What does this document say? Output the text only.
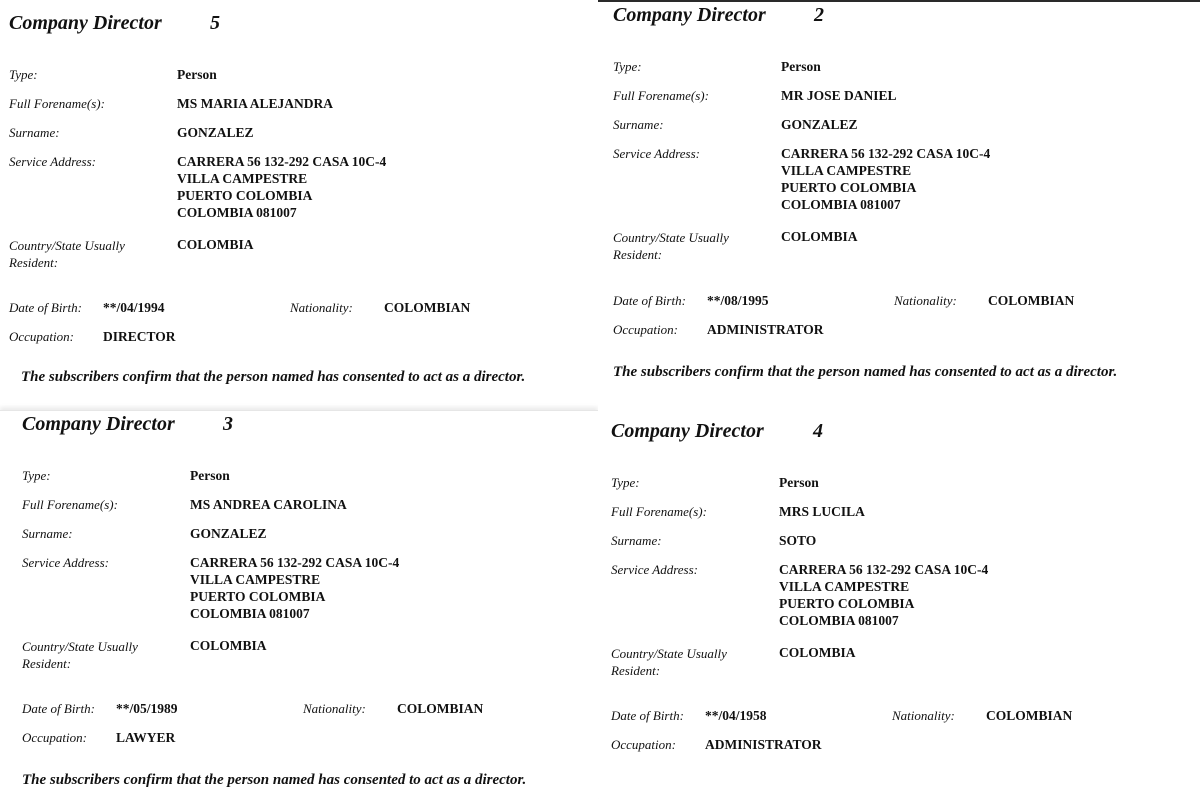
Company Director 5
Type:	Person
Full Forename(s):	MS MARIA ALEJANDRA
Surname:	GONZALEZ
Service Address:	CARRERA 56 132-292 CASA 10C-4
VILLA CAMPESTRE
PUERTO COLOMBIA
COLOMBIA 081007
Country/State Usually
Resident:
COLOMBIA
Date of Birth: **/04/1994	Nationality: COLOMBIAN
Occupation: DIRECTOR
The subscribers confirm that the person named has consented to act as a director.
Company Director 2
Type:	Person
Full Forename(s):	MR JOSE DANIEL
Surname:	GONZALEZ
Service Address:	CARRERA 56 132-292 CASA 10C-4
VILLA CAMPESTRE
PUERTO COLOMBIA
COLOMBIA 081007
Country/State Usually
Resident:
COLOMBIA
Date of Birth: **/08/1995	Nationality: COLOMBIAN
Occupation: ADMINISTRATOR
The subscribers confirm that the person named has consented to act as a director.
Company Director 3
Type:	Person
Full Forename(s):	MS ANDREA CAROLINA
Surname:	GONZALEZ
Service Address:	CARRERA 56 132-292 CASA 10C-4
VILLA CAMPESTRE
PUERTO COLOMBIA
COLOMBIA 081007
Country/State Usually
Resident:
COLOMBIA
Date of Birth: **/05/1989	Nationality: COLOMBIAN
Occupation: LAWYER
The subscribers confirm that the person named has consented to act as a director.
Company Director 4
Type:	Person
Full Forename(s):	MRS LUCILA
Surname:	SOTO
Service Address:	CARRERA 56 132-292 CASA 10C-4
VILLA CAMPESTRE
PUERTO COLOMBIA
COLOMBIA 081007
Country/State Usually
Resident:
COLOMBIA
Date of Birth: **/04/1958	Nationality: COLOMBIAN
Occupation: ADMINISTRATOR
